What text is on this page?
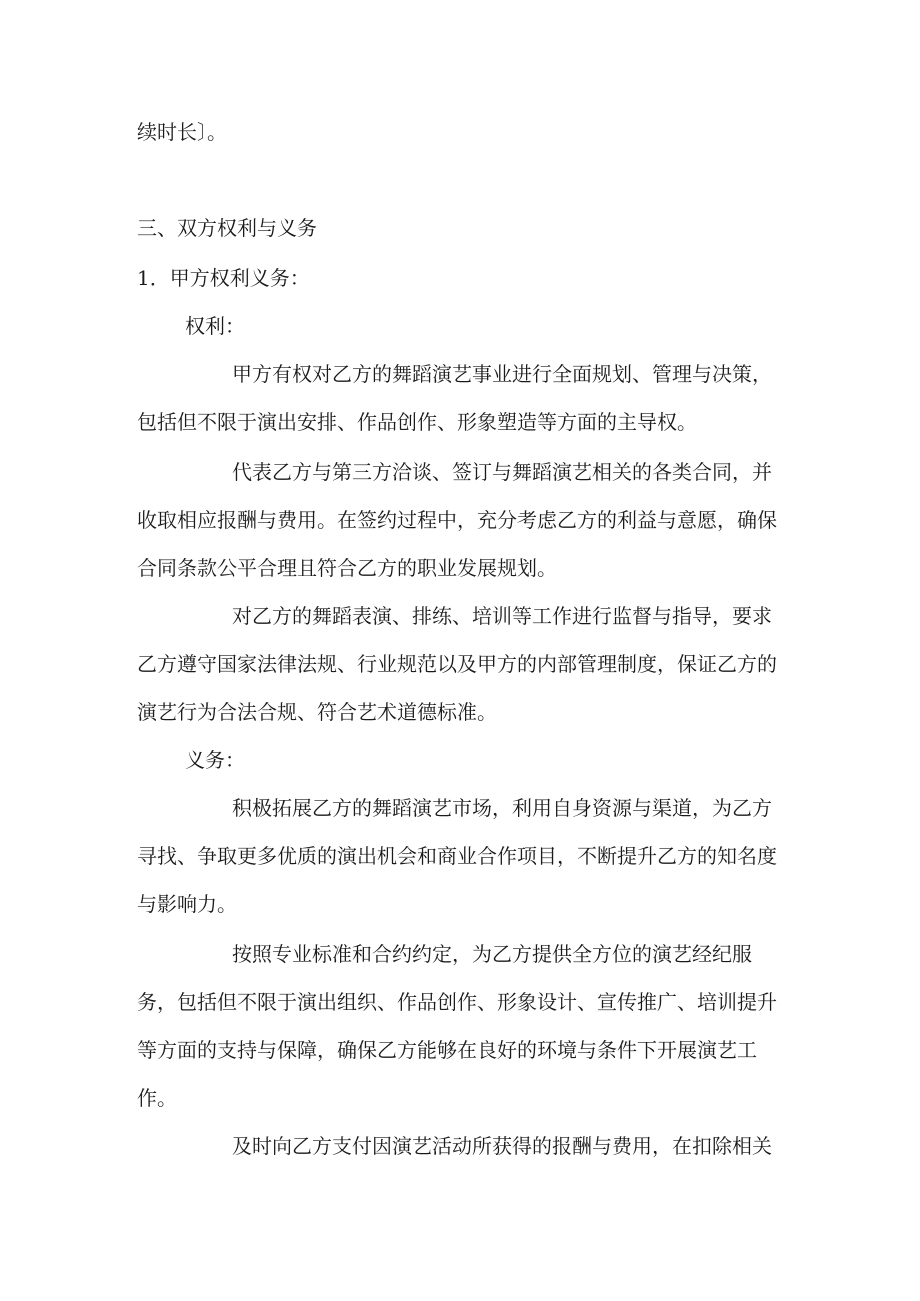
续时长〕。
三、双方权利与义务
1．甲方权利义务：
权利：
甲方有权对乙方的舞蹈演艺事业进行全面规划、管理与决策，
包括但不限于演出安排、作品创作、形象塑造等方面的主导权。
代表乙方与第三方洽谈、签订与舞蹈演艺相关的各类合同，并
收取相应报酬与费用。在签约过程中，充分考虑乙方的利益与意愿，确保
合同条款公平合理且符合乙方的职业发展规划。
对乙方的舞蹈表演、排练、培训等工作进行监督与指导，要求
乙方遵守国家法律法规、行业规范以及甲方的内部管理制度，保证乙方的
演艺行为合法合规、符合艺术道德标准。
义务：
积极拓展乙方的舞蹈演艺市场，利用自身资源与渠道，为乙方
寻找、争取更多优质的演出机会和商业合作项目，不断提升乙方的知名度
与影响力。
按照专业标准和合约约定，为乙方提供全方位的演艺经纪服
务，包括但不限于演出组织、作品创作、形象设计、宣传推广、培训提升
等方面的支持与保障，确保乙方能够在良好的环境与条件下开展演艺工
作。
及时向乙方支付因演艺活动所获得的报酬与费用，在扣除相关
